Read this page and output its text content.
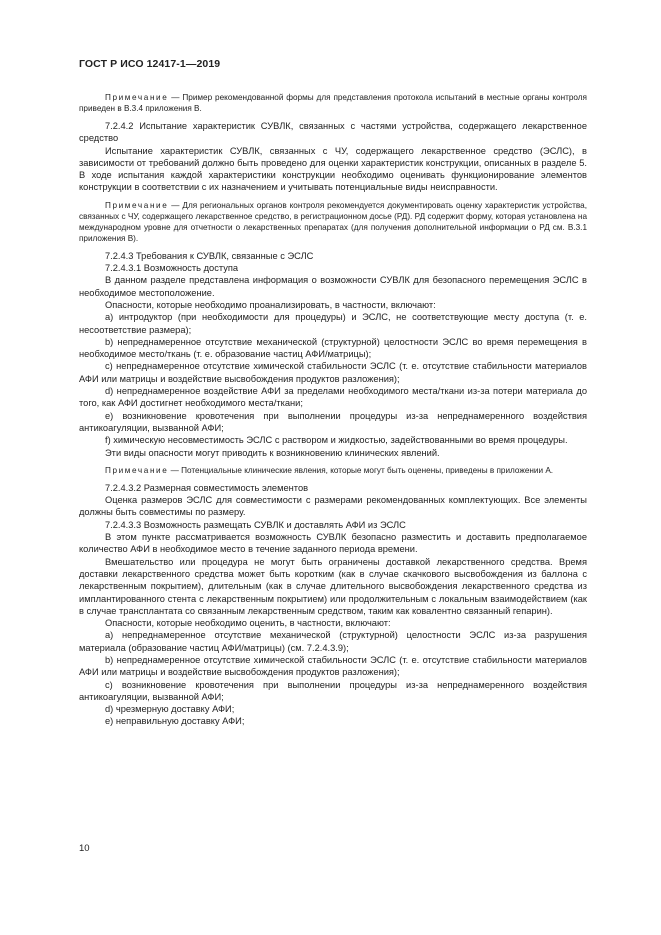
ГОСТ Р ИСО 12417-1—2019

Примечание — Пример рекомендованной формы для представления протокола испытаний в местные органы контроля приведен в В.3.4 приложения В.

7.2.4.2 Испытание характеристик СУВЛК, связанных с частями устройства, содержащего лекарственное средство

Испытание характеристик СУВЛК, связанных с ЧУ, содержащего лекарственное средство (ЭСЛС), в зависимости от требований должно быть проведено для оценки характеристик конструкции, описанных в разделе 5. В ходе испытания каждой характеристики конструкции необходимо оценивать функционирование элементов конструкции в соответствии с их назначением и учитывать потенциальные виды неисправности.

Примечание — Для региональных органов контроля рекомендуется документировать оценку характеристик устройства, связанных с ЧУ, содержащего лекарственное средство, в регистрационном досье (РД). РД содержит форму, которая установлена на международном уровне для отчетности о лекарственных препаратах (для получения дополнительной информации о РД см. В.3.1 приложения В).

7.2.4.3 Требования к СУВЛК, связанные с ЭСЛС

7.2.4.3.1 Возможность доступа

В данном разделе представлена информация о возможности СУВЛК для безопасного перемещения ЭСЛС в необходимое местоположение.

Опасности, которые необходимо проанализировать, в частности, включают:

a) интродуктор (при необходимости для процедуры) и ЭСЛС, не соответствующие месту доступа (т. е. несоответствие размера);

b) непреднамеренное отсутствие механической (структурной) целостности ЭСЛС во время перемещения в необходимое место/ткань (т. е. образование частиц АФИ/матрицы);

c) непреднамеренное отсутствие химической стабильности ЭСЛС (т. е. отсутствие стабильности материалов АФИ или матрицы и воздействие высвобождения продуктов разложения);

d) непреднамеренное воздействие АФИ за пределами необходимого места/ткани из-за потери материала до того, как АФИ достигнет необходимого места/ткани;

e) возникновение кровотечения при выполнении процедуры из-за непреднамеренного воздействия антикоагуляции, вызванной АФИ;

f) химическую несовместимость ЭСЛС с раствором и жидкостью, задействованными во время процедуры.

Эти виды опасности могут приводить к возникновению клинических явлений.

Примечание — Потенциальные клинические явления, которые могут быть оценены, приведены в приложении А.

7.2.4.3.2 Размерная совместимость элементов

Оценка размеров ЭСЛС для совместимости с размерами рекомендованных комплектующих. Все элементы должны быть совместимы по размеру.

7.2.4.3.3 Возможность размещать СУВЛК и доставлять АФИ из ЭСЛС

В этом пункте рассматривается возможность СУВЛК безопасно разместить и доставить предполагаемое количество АФИ в необходимое место в течение заданного периода времени.

Вмешательство или процедура не могут быть ограничены доставкой лекарственного средства. Время доставки лекарственного средства может быть коротким (как в случае скачкового высвобождения из баллона с лекарственным покрытием), длительным (как в случае длительного высвобождения лекарственного средства из имплантированного стента с лекарственным покрытием) или продолжительным с локальным взаимодействием (как в случае трансплантата со связанным лекарственным средством, таким как ковалентно связанный гепарин).

Опасности, которые необходимо оценить, в частности, включают:

a) непреднамеренное отсутствие механической (структурной) целостности ЭСЛС из-за разрушения материала (образование частиц АФИ/матрицы) (см. 7.2.4.3.9);

b) непреднамеренное отсутствие химической стабильности ЭСЛС (т. е. отсутствие стабильности материалов АФИ или матрицы и воздействие высвобождения продуктов разложения);

c) возникновение кровотечения при выполнении процедуры из-за непреднамеренного воздействия антикоагуляции, вызванной АФИ;

d) чрезмерную доставку АФИ;

e) неправильную доставку АФИ;

10
